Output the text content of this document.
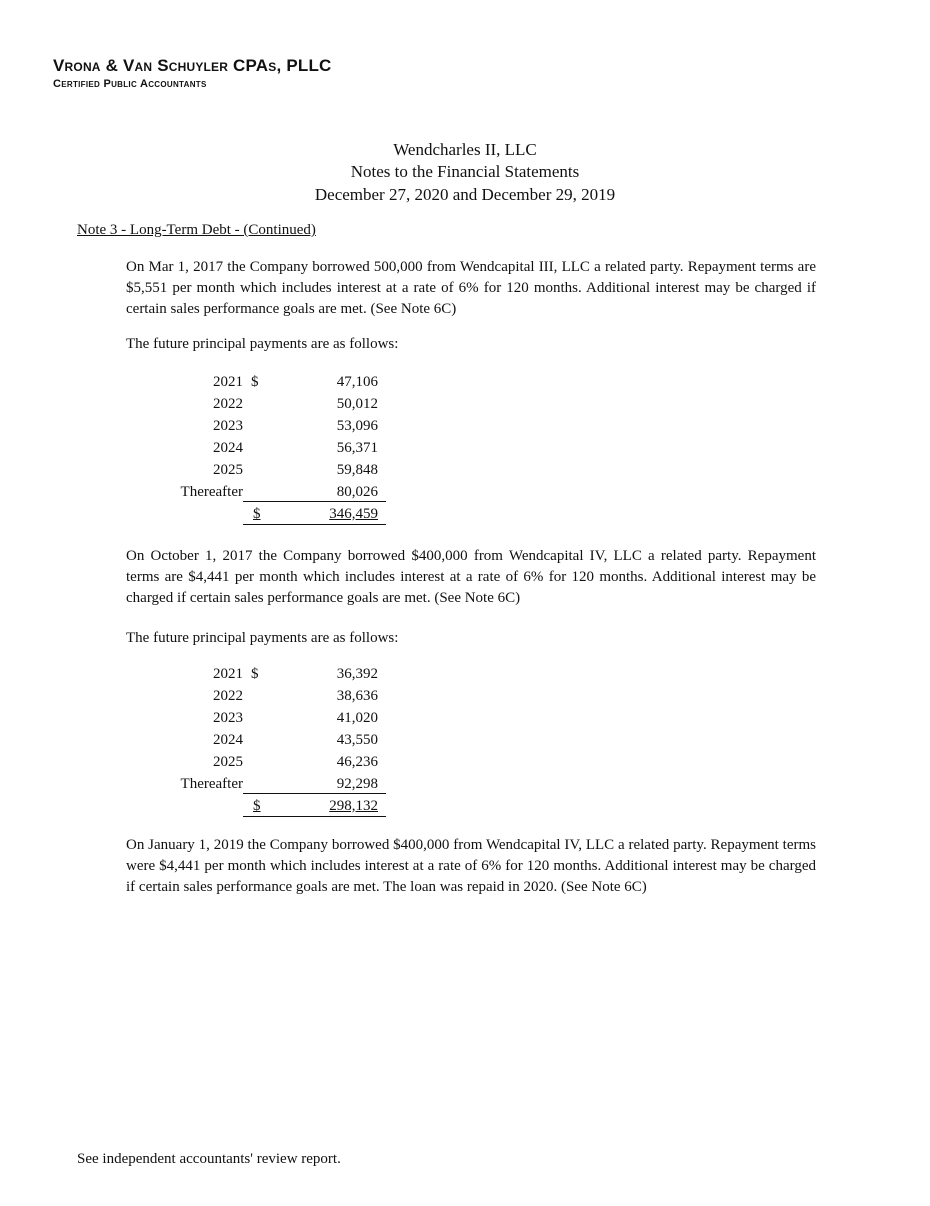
Vrona & Van Schuyler CPAs, PLLC
Certified Public Accountants
Wendcharles II, LLC
Notes to the Financial Statements
December 27, 2020 and December 29, 2019
Note 3 - Long-Term Debt - (Continued)
On Mar 1, 2017 the Company borrowed 500,000 from Wendcapital III, LLC a related party. Repayment terms are $5,551 per month which includes interest at a rate of 6% for 120 months. Additional interest may be charged if certain sales performance goals are met. (See Note 6C)
The future principal payments are as follows:
2021 $	47,106
2022	50,012
2023	53,096
2024	56,371
2025	59,848
Thereafter	80,026
$	346,459
On October 1, 2017 the Company borrowed $400,000 from Wendcapital IV, LLC a related party. Repayment terms are $4,441 per month which includes interest at a rate of 6% for 120 months. Additional interest may be charged if certain sales performance goals are met. (See Note 6C)
The future principal payments are as follows:
2021 $	36,392
2022	38,636
2023	41,020
2024	43,550
2025	46,236
Thereafter	92,298
$	298,132
On January 1, 2019 the Company borrowed $400,000 from Wendcapital IV, LLC a related party. Repayment terms were $4,441 per month which includes interest at a rate of 6% for 120 months. Additional interest may be charged if certain sales performance goals are met. The loan was repaid in 2020. (See Note 6C)
See independent accountants' review report.
